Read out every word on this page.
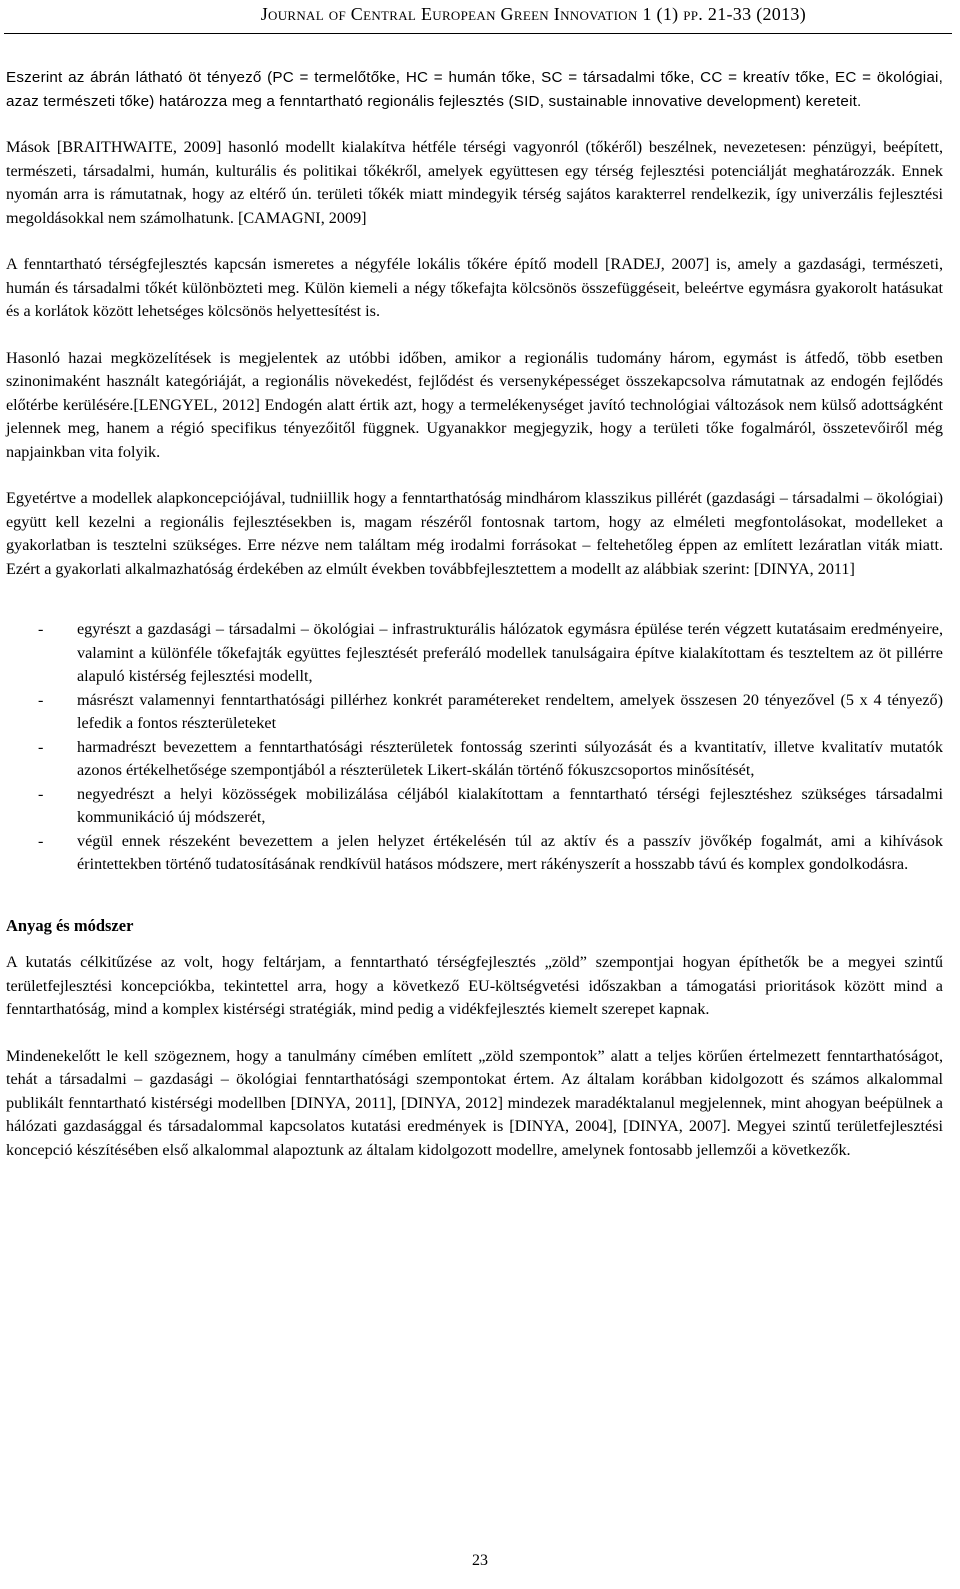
Journal of Central European Green Innovation 1 (1) pp. 21-33 (2013)

Eszerint az ábrán látható öt tényező (PC = termelőtőke, HC = humán tőke, SC = társadalmi tőke, CC = kreatív tőke, EC = ökológiai, azaz természeti tőke) határozza meg a fenntartható regionális fejlesztés (SID, sustainable innovative development) kereteit.

Mások [BRAITHWAITE, 2009] hasonló modellt kialakítva hétféle térségi vagyonról (tőkéről) beszélnek, nevezetesen: pénzügyi, beépített, természeti, társadalmi, humán, kulturális és politikai tőkékről, amelyek együttesen egy térség fejlesztési potenciálját meghatározzák. Ennek nyomán arra is rámutatnak, hogy az eltérő ún. területi tőkék miatt mindegyik térség sajátos karakterrel rendelkezik, így univerzális fejlesztési megoldásokkal nem számolhatunk. [CAMAGNI, 2009]

A fenntartható térségfejlesztés kapcsán ismeretes a négyféle lokális tőkére építő modell [RADEJ, 2007] is, amely a gazdasági, természeti, humán és társadalmi tőkét különbözteti meg. Külön kiemeli a négy tőkefajta kölcsönös összefüggéseit, beleértve egymásra gyakorolt hatásukat és a korlátok között lehetséges kölcsönös helyettesítést is.

Hasonló hazai megközelítések is megjelentek az utóbbi időben, amikor a regionális tudomány három, egymást is átfedő, több esetben szinonimaként használt kategóriáját, a regionális növekedést, fejlődést és versenyképességet összekapcsolva rámutatnak az endogén fejlődés előtérbe kerülésére.[LENGYEL, 2012] Endogén alatt értik azt, hogy a termelékenységet javító technológiai változások nem külső adottságként jelennek meg, hanem a régió specifikus tényezőitől függnek. Ugyanakkor megjegyzik, hogy a területi tőke fogalmáról, összetevőiről még napjainkban vita folyik.

Egyetértve a modellek alapkoncepciójával, tudniillik hogy a fenntarthatóság mindhárom klasszikus pillérét (gazdasági – társadalmi – ökológiai) együtt kell kezelni a regionális fejlesztésekben is, magam részéről fontosnak tartom, hogy az elméleti megfontolásokat, modelleket a gyakorlatban is tesztelni szükséges. Erre nézve nem találtam még irodalmi forrásokat – feltehetőleg éppen az említett lezáratlan viták miatt. Ezért a gyakorlati alkalmazhatóság érdekében az elmúlt években továbbfejlesztettem a modellt az alábbiak szerint: [DINYA, 2011]

- egyrészt a gazdasági – társadalmi – ökológiai – infrastrukturális hálózatok egymásra épülése terén végzett kutatásaim eredményeire, valamint a különféle tőkefajták együttes fejlesztését preferáló modellek tanulságaira építve kialakítottam és teszteltem az öt pillérre alapuló kistérség fejlesztési modellt,
- másrészt valamennyi fenntarthatósági pillérhez konkrét paramétereket rendeltem, amelyek összesen 20 tényezővel (5 x 4 tényező) lefedik a fontos részterületeket
- harmadrészt bevezettem a fenntarthatósági részterületek fontosság szerinti súlyozását és a kvantitatív, illetve kvalitatív mutatók azonos értékelhetősége szempontjából a részterületek Likert-skálán történő fókuszcsoportos minősítését,
- negyedrészt a helyi közösségek mobilizálása céljából kialakítottam a fenntartható térségi fejlesztéshez szükséges társadalmi kommunikáció új módszerét,
- végül ennek részeként bevezettem a jelen helyzet értékelésén túl az aktív és a passzív jövőkép fogalmát, ami a kihívások érintettekben történő tudatosításának rendkívül hatásos módszere, mert rákényszerít a hosszabb távú és komplex gondolkodásra.
Anyag és módszer

A kutatás célkitűzése az volt, hogy feltárjam, a fenntartható térségfejlesztés „zöld” szempontjai hogyan építhetők be a megyei szintű területfejlesztési koncepciókba, tekintettel arra, hogy a következő EU-költségvetési időszakban a támogatási prioritások között mind a fenntarthatóság, mind a komplex kistérségi stratégiák, mind pedig a vidékfejlesztés kiemelt szerepet kapnak.

Mindenekelőtt le kell szögeznem, hogy a tanulmány címében említett „zöld szempontok” alatt a teljes körűen értelmezett fenntarthatóságot, tehát a társadalmi – gazdasági – ökológiai fenntarthatósági szempontokat értem. Az általam korábban kidolgozott és számos alkalommal publikált fenntartható kistérségi modellben [DINYA, 2011], [DINYA, 2012] mindezek maradéktalanul megjelennek, mint ahogyan beépülnek a hálózati gazdasággal és társadalommal kapcsolatos kutatási eredmények is [DINYA, 2004], [DINYA, 2007]. Megyei szintű területfejlesztési koncepció készítésében első alkalommal alapoztunk az általam kidolgozott modellre, amelynek fontosabb jellemzői a következők.

23
